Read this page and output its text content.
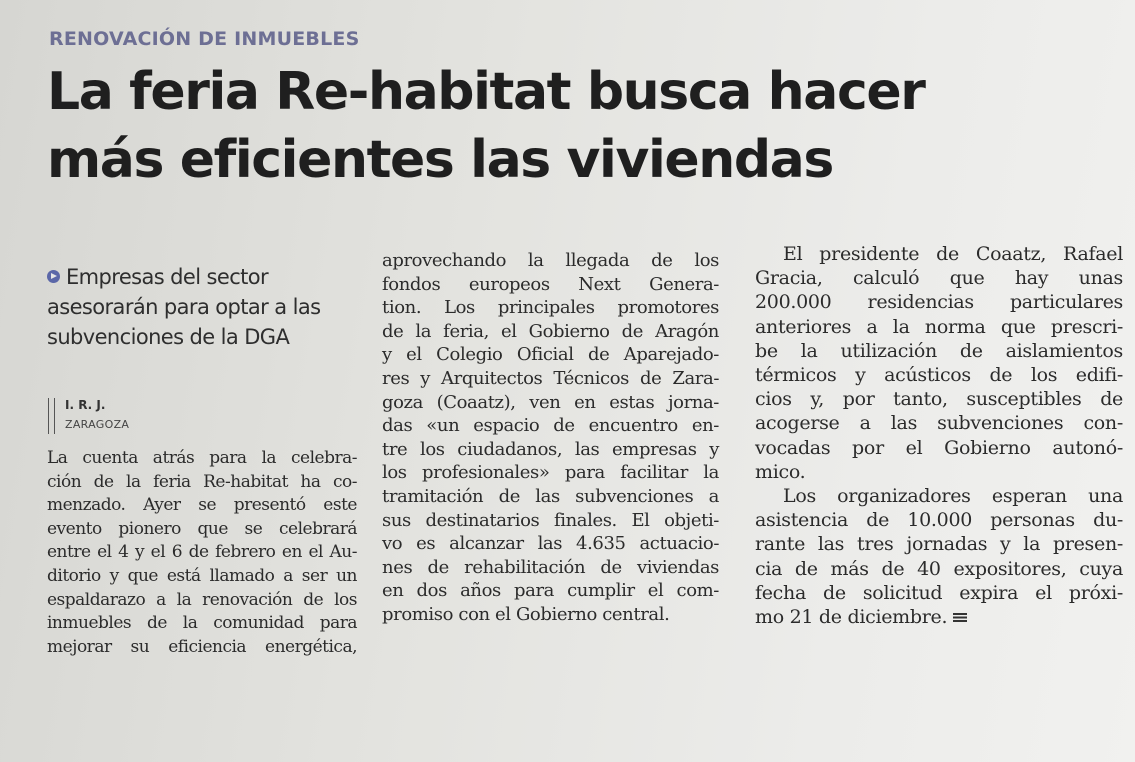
RENOVACIÓN DE INMUEBLES
La feria Re-habitat busca hacer
más eficientes las viviendas
Empresas del sector
asesorarán para optar a las
subvenciones de la DGA
I. R. J.
ZARAGOZA
La cuenta atrás para la celebra-
ción de la feria Re-habitat ha co-
menzado. Ayer se presentó este
evento pionero que se celebrará
entre el 4 y el 6 de febrero en el Au-
ditorio y que está llamado a ser un
espaldarazo a la renovación de los
inmuebles de la comunidad para
mejorar su eficiencia energética,
aprovechando la llegada de los
fondos europeos Next Genera-
tion. Los principales promotores
de la feria, el Gobierno de Aragón
y el Colegio Oficial de Aparejado-
res y Arquitectos Técnicos de Zara-
goza (Coaatz), ven en estas jorna-
das «un espacio de encuentro en-
tre los ciudadanos, las empresas y
los profesionales» para facilitar la
tramitación de las subvenciones a
sus destinatarios finales. El objeti-
vo es alcanzar las 4.635 actuacio-
nes de rehabilitación de viviendas
en dos años para cumplir el com-
promiso con el Gobierno central.
El presidente de Coaatz, Rafael
Gracia, calculó que hay unas
200.000 residencias particulares
anteriores a la norma que prescri-
be la utilización de aislamientos
térmicos y acústicos de los edifi-
cios y, por tanto, susceptibles de
acogerse a las subvenciones con-
vocadas por el Gobierno autonó-
mico.
Los organizadores esperan una
asistencia de 10.000 personas du-
rante las tres jornadas y la presen-
cia de más de 40 expositores, cuya
fecha de solicitud expira el próxi-
mo 21 de diciembre.
